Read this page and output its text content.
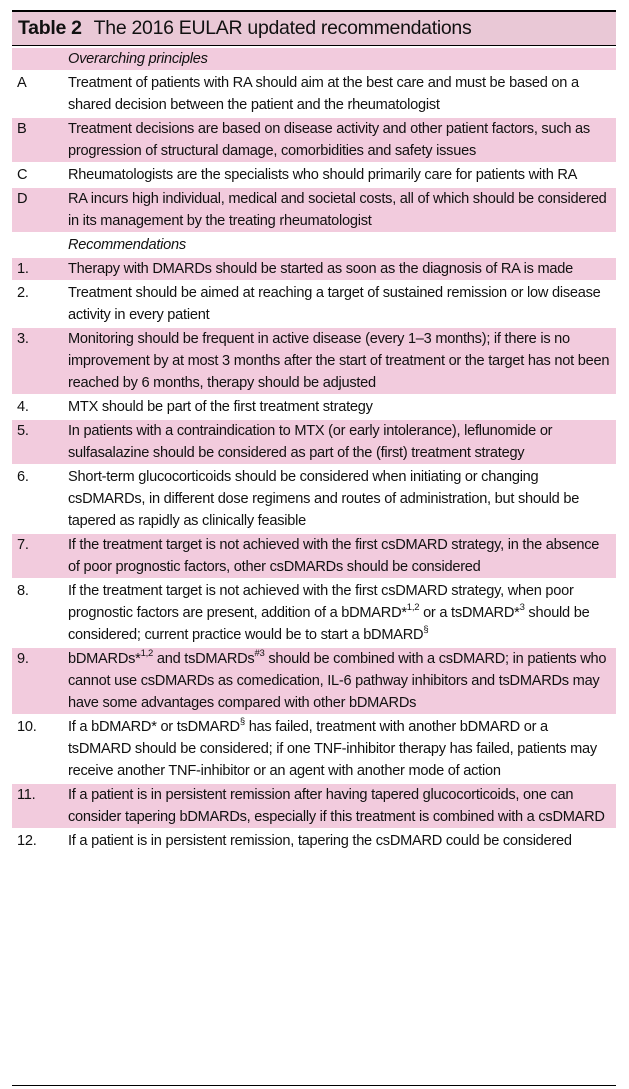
Table 2 The 2016 EULAR updated recommendations
Overarching principles
A	Treatment of patients with RA should aim at the best care and must be based on a shared decision between the patient and the rheumatologist
B	Treatment decisions are based on disease activity and other patient factors, such as progression of structural damage, comorbidities and safety issues
C	Rheumatologists are the specialists who should primarily care for patients with RA
D	RA incurs high individual, medical and societal costs, all of which should be considered in its management by the treating rheumatologist
Recommendations
1.	Therapy with DMARDs should be started as soon as the diagnosis of RA is made
2.	Treatment should be aimed at reaching a target of sustained remission or low disease activity in every patient
3.	Monitoring should be frequent in active disease (every 1–3 months); if there is no improvement by at most 3 months after the start of treatment or the target has not been reached by 6 months, therapy should be adjusted
4.	MTX should be part of the first treatment strategy
5.	In patients with a contraindication to MTX (or early intolerance), leflunomide or sulfasalazine should be considered as part of the (first) treatment strategy
6.	Short-term glucocorticoids should be considered when initiating or changing csDMARDs, in different dose regimens and routes of administration, but should be tapered as rapidly as clinically feasible
7.	If the treatment target is not achieved with the first csDMARD strategy, in the absence of poor prognostic factors, other csDMARDs should be considered
8.	If the treatment target is not achieved with the first csDMARD strategy, when poor prognostic factors are present, addition of a bDMARD*$^{1,2}$ or a tsDMARD*$^3$ should be considered; current practice would be to start a bDMARD§
9.	bDMARDs*$^{1,2}$ and tsDMARDs$^{\#3}$ should be combined with a csDMARD; in patients who cannot use csDMARDs as comedication, IL-6 pathway inhibitors and tsDMARDs may have some advantages compared with other bDMARDs
10.	If a bDMARD* or tsDMARD§ has failed, treatment with another bDMARD or a tsDMARD should be considered; if one TNF-inhibitor therapy has failed, patients may receive another TNF-inhibitor or an agent with another mode of action
11.	If a patient is in persistent remission after having tapered glucocorticoids, one can consider tapering bDMARDs, especially if this treatment is combined with a csDMARD
12.	If a patient is in persistent remission, tapering the csDMARD could be considered
